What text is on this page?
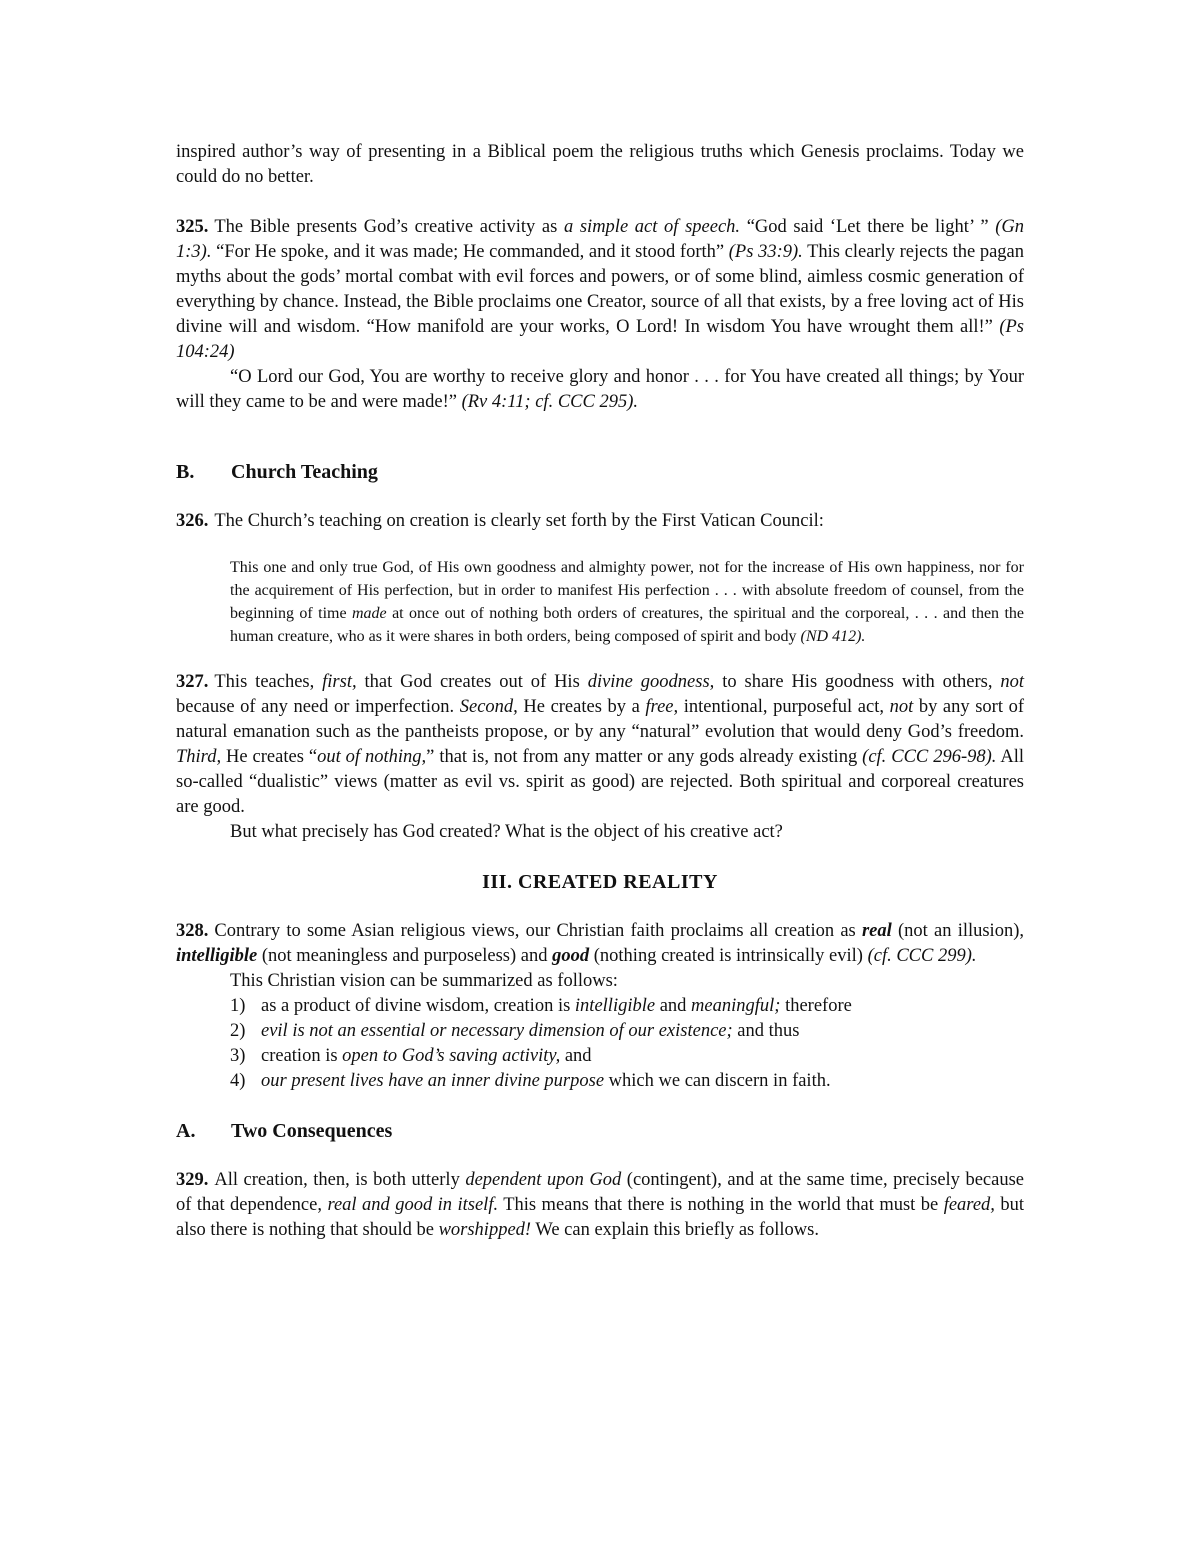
inspired author’s way of presenting in a Biblical poem the religious truths which Genesis proclaims. Today we could do no better.

325. The Bible presents God’s creative activity as a simple act of speech. “God said ‘Let there be light’ ” (Gn 1:3). “For He spoke, and it was made; He commanded, and it stood forth” (Ps 33:9). This clearly rejects the pagan myths about the gods’ mortal combat with evil forces and powers, or of some blind, aimless cosmic generation of everything by chance. Instead, the Bible proclaims one Creator, source of all that exists, by a free loving act of His divine will and wisdom. “How manifold are your works, O Lord! In wisdom You have wrought them all!” (Ps 104:24)

“O Lord our God, You are worthy to receive glory and honor . . . for You have created all things; by Your will they came to be and were made!” (Rv 4:11; cf. CCC 295).

B.	Church Teaching

326. The Church’s teaching on creation is clearly set forth by the First Vatican Council:

This one and only true God, of His own goodness and almighty power, not for the increase of His own happiness, nor for the acquirement of His perfection, but in order to manifest His perfection . . . with absolute freedom of counsel, from the beginning of time made at once out of nothing both orders of creatures, the spiritual and the corporeal, . . . and then the human creature, who as it were shares in both orders, being composed of spirit and body (ND 412).

327. This teaches, first, that God creates out of His divine goodness, to share His goodness with others, not because of any need or imperfection. Second, He creates by a free, intentional, purposeful act, not by any sort of natural emanation such as the pantheists propose, or by any “natural” evolution that would deny God’s freedom. Third, He creates “out of nothing,” that is, not from any matter or any gods already existing (cf. CCC 296-98). All so-called “dualistic” views (matter as evil vs. spirit as good) are rejected. Both spiritual and corporeal creatures are good.

But what precisely has God created? What is the object of his creative act?

III. CREATED REALITY

328. Contrary to some Asian religious views, our Christian faith proclaims all creation as real (not an illusion), intelligible (not meaningless and purposeless) and good (nothing created is intrinsically evil) (cf. CCC 299).

This Christian vision can be summarized as follows:

1) as a product of divine wisdom, creation is intelligible and meaningful; therefore
2) evil is not an essential or necessary dimension of our existence; and thus
3) creation is open to God’s saving activity, and
4) our present lives have an inner divine purpose which we can discern in faith.
A.	Two Consequences

329. All creation, then, is both utterly dependent upon God (contingent), and at the same time, precisely because of that dependence, real and good in itself. This means that there is nothing in the world that must be feared, but also there is nothing that should be worshipped! We can explain this briefly as follows.
